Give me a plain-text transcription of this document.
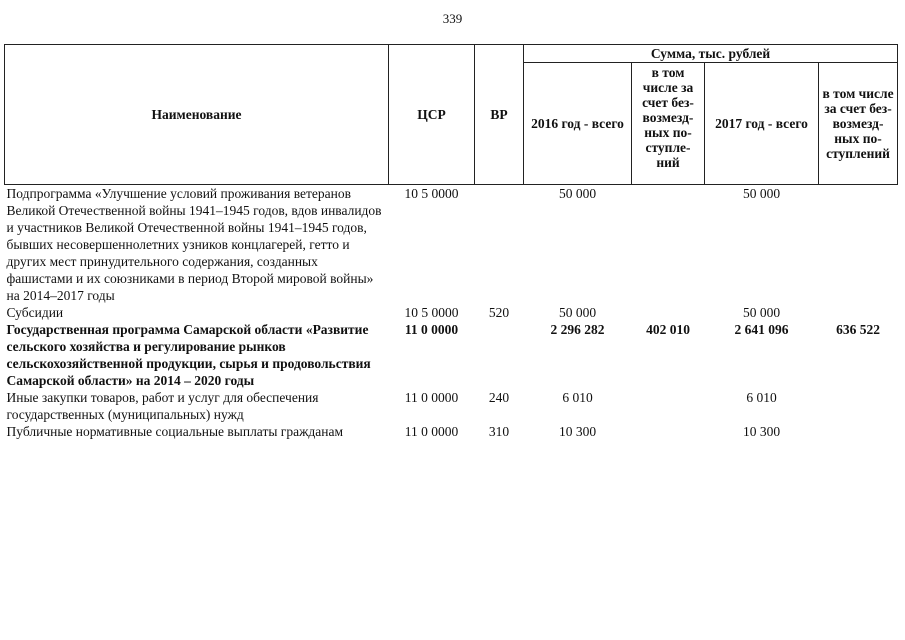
339
Наименование	ЦСР	ВР	Сумма, тыс. рублей			
			2016 год - всего	в том числе за счет без- возмезд- ных по- ступле- ний	2017 год - всего	в том числе за счет без- возмезд- ных по- ступлений
Подпрограмма «Улучшение условий проживания ветеранов Великой Отечественной войны 1941–1945 годов, вдов инвалидов и участников Великой Отечественной войны 1941–1945 годов, бывших несовершеннолетних узников концлагерей, гетто и других мест принудительного содержания, созданных фашистами и их союзниками в период Второй мировой войны» на 2014–2017 годы	10 5 0000		50 000		50 000	
Субсидии	10 5 0000	520	50 000		50 000	
Государственная программа Самарской области «Развитие сельского хозяйства и регулирование рынков сельскохозяйственной продукции, сырья и продовольствия Самарской области» на 2014 – 2020 годы	11 0 0000		2 296 282	402 010	2 641 096	636 522
Иные закупки товаров, работ и услуг для обеспечения государственных (муниципальных) нужд	11 0 0000	240	6 010		6 010	
Публичные нормативные социальные выплаты гражданам	11 0 0000	310	10 300		10 300	
